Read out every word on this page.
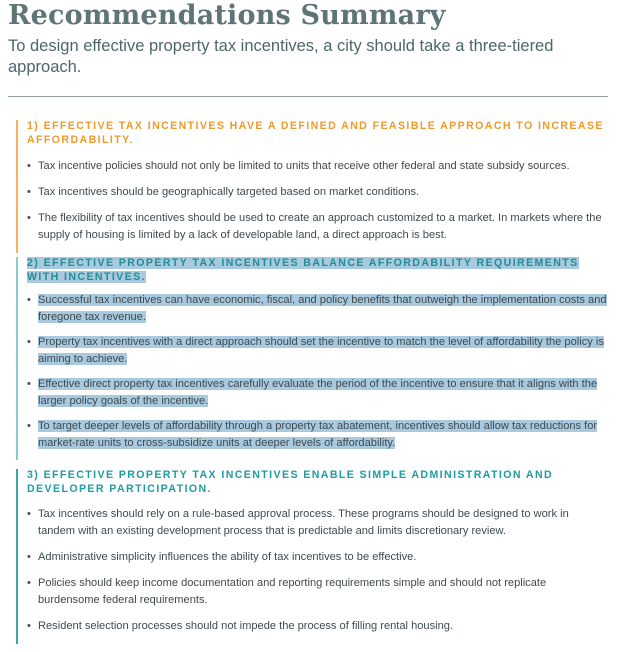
Recommendations Summary
To design effective property tax incentives, a city should take a three-tiered approach.
1) EFFECTIVE TAX INCENTIVES HAVE A DEFINED AND FEASIBLE APPROACH TO INCREASE AFFORDABILITY.
• Tax incentive policies should not only be limited to units that receive other federal and state subsidy sources.
• Tax incentives should be geographically targeted based on market conditions.
• The flexibility of tax incentives should be used to create an approach customized to a market. In markets where the supply of housing is limited by a lack of developable land, a direct approach is best.
2) EFFECTIVE PROPERTY TAX INCENTIVES BALANCE AFFORDABILITY REQUIREMENTS WITH INCENTIVES.
• Successful tax incentives can have economic, fiscal, and policy benefits that outweigh the implementation costs and foregone tax revenue.
• Property tax incentives with a direct approach should set the incentive to match the level of affordability the policy is aiming to achieve.
• Effective direct property tax incentives carefully evaluate the period of the incentive to ensure that it aligns with the larger policy goals of the incentive.
• To target deeper levels of affordability through a property tax abatement, incentives should allow tax reductions for market-rate units to cross-subsidize units at deeper levels of affordability.
3) EFFECTIVE PROPERTY TAX INCENTIVES ENABLE SIMPLE ADMINISTRATION AND DEVELOPER PARTICIPATION.
• Tax incentives should rely on a rule-based approval process. These programs should be designed to work in tandem with an existing development process that is predictable and limits discretionary review.
• Administrative simplicity influences the ability of tax incentives to be effective.
• Policies should keep income documentation and reporting requirements simple and should not replicate burdensome federal requirements.
• Resident selection processes should not impede the process of filling rental housing.
